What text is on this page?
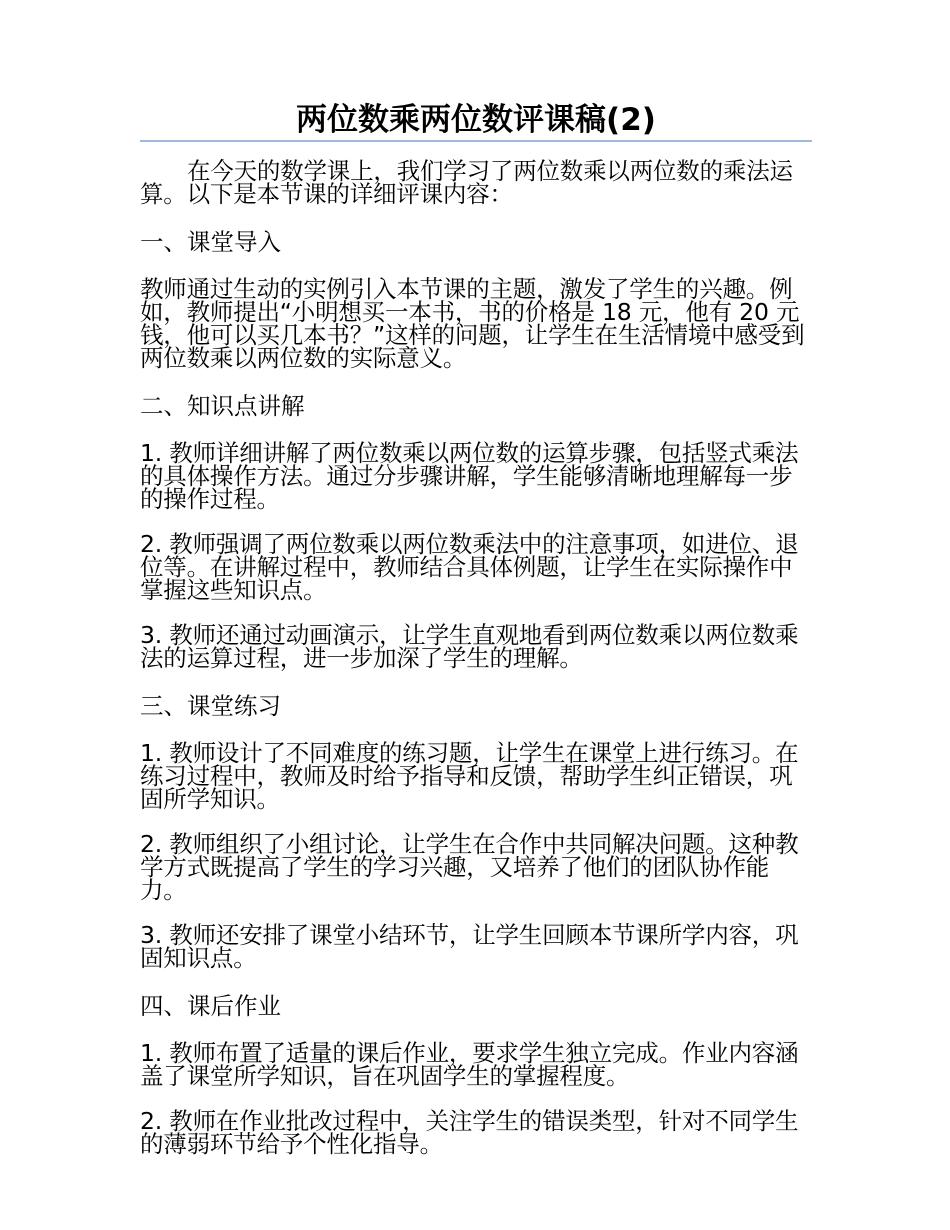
两位数乘两位数评课稿(2)

在今天的数学课上，我们学习了两位数乘以两位数的乘法运算。以下是本节课的详细评课内容：

一、课堂导入

教师通过生动的实例引入本节课的主题，激发了学生的兴趣。例如，教师提出“小明想买一本书，书的价格是 18 元，他有 20 元钱，他可以买几本书？”这样的问题，让学生在生活情境中感受到两位数乘以两位数的实际意义。

二、知识点讲解

1. 教师详细讲解了两位数乘以两位数的运算步骤，包括竖式乘法的具体操作方法。通过分步骤讲解，学生能够清晰地理解每一步的操作过程。

2. 教师强调了两位数乘以两位数乘法中的注意事项，如进位、退位等。在讲解过程中，教师结合具体例题，让学生在实际操作中掌握这些知识点。

3. 教师还通过动画演示，让学生直观地看到两位数乘以两位数乘法的运算过程，进一步加深了学生的理解。

三、课堂练习

1. 教师设计了不同难度的练习题，让学生在课堂上进行练习。在练习过程中，教师及时给予指导和反馈，帮助学生纠正错误，巩固所学知识。

2. 教师组织了小组讨论，让学生在合作中共同解决问题。这种教学方式既提高了学生的学习兴趣，又培养了他们的团队协作能力。

3. 教师还安排了课堂小结环节，让学生回顾本节课所学内容，巩固知识点。

四、课后作业

1. 教师布置了适量的课后作业，要求学生独立完成。作业内容涵盖了课堂所学知识，旨在巩固学生的掌握程度。

2. 教师在作业批改过程中，关注学生的错误类型，针对不同学生的薄弱环节给予个性化指导。
